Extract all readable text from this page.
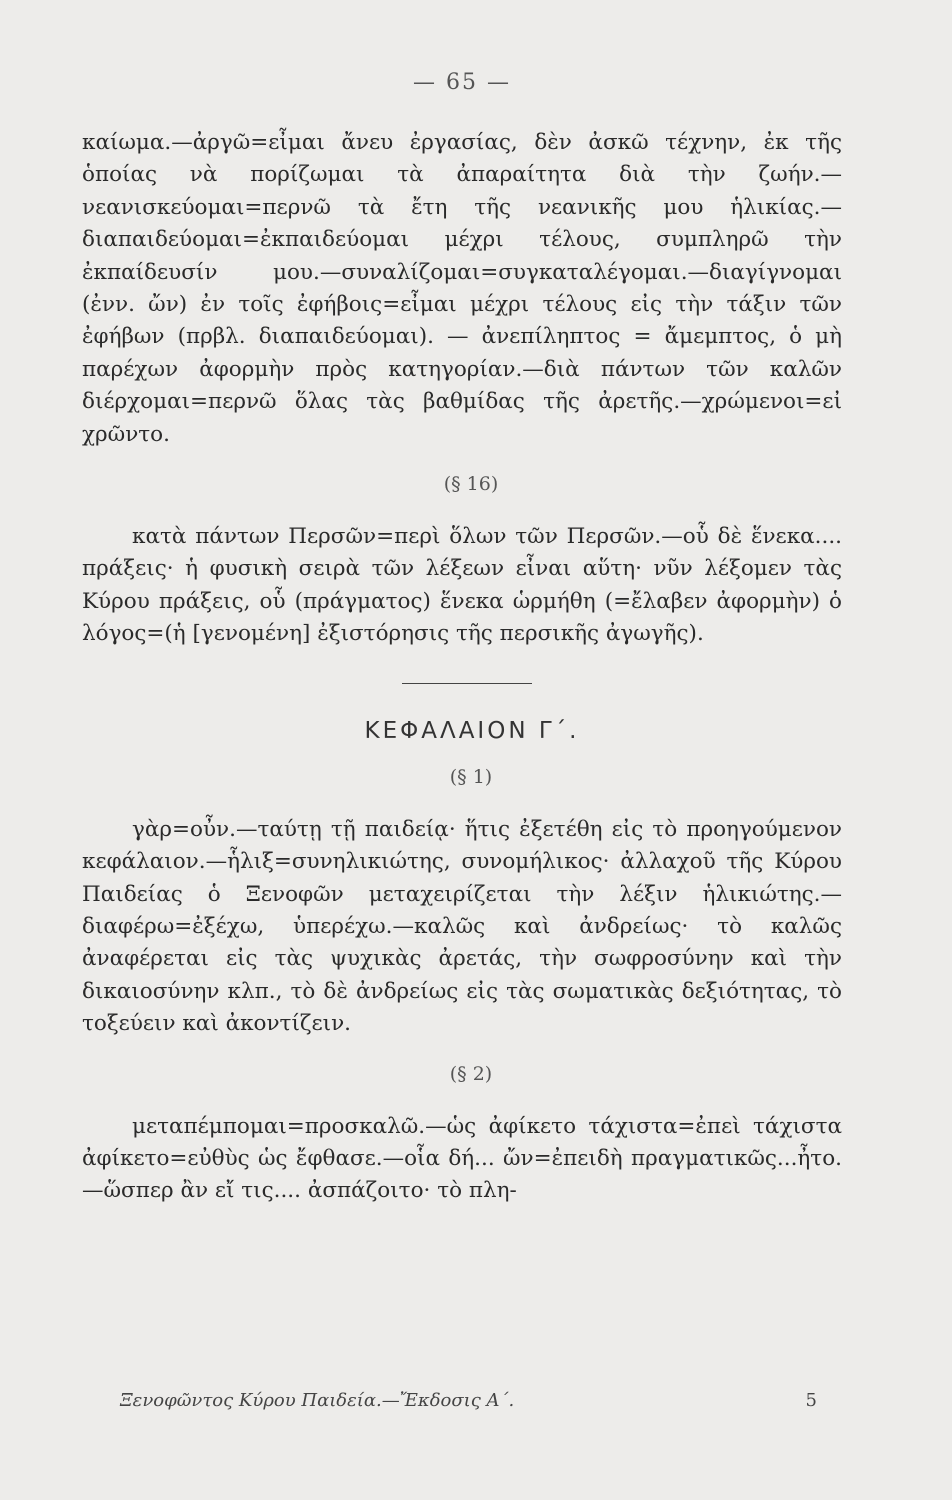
— 65 —

καίωμα.—ἀργῶ=εἶμαι ἄνευ ἐργασίας, δὲν ἀσκῶ τέχνην, ἐκ τῆς ὁποίας νὰ πορίζωμαι τὰ ἀπαραίτητα διὰ τὴν ζωήν.—νεανισκεύομαι=περνῶ τὰ ἔτη τῆς νεανικῆς μου ἡλικίας.—διαπαιδεύομαι=ἐκπαιδεύομαι μέχρι τέλους, συμπληρῶ τὴν ἐκπαίδευσίν μου.—συναλίζομαι=συγκαταλέγομαι.—διαγίγνομαι (ἐνν. ὤν) ἐν τοῖς ἐφήβοις=εἶμαι μέχρι τέλους εἰς τὴν τάξιν τῶν ἐφήβων (πρβλ. διαπαιδεύομαι). — ἀνεπίληπτος = ἄμεμπτος, ὁ μὴ παρέχων ἀφορμὴν πρὸς κατηγορίαν.—διὰ πάντων τῶν καλῶν διέρχομαι=περνῶ ὅλας τὰς βαθμίδας τῆς ἀρετῆς.—χρώμενοι=εἰ χρῶντο.

(§ 16)

κατὰ πάντων Περσῶν=περὶ ὅλων τῶν Περσῶν.—οὗ δὲ ἕνεκα.... πράξεις· ἡ φυσικὴ σειρὰ τῶν λέξεων εἶναι αὕτη· νῦν λέξομεν τὰς Κύρου πράξεις, οὗ (πράγματος) ἕνεκα ὡρμήθη (=ἔλαβεν ἀφορμὴν) ὁ λόγος=(ἡ [γενομένη] ἐξιστόρησις τῆς περσικῆς ἀγωγῆς).

ΚΕΦΑΛΑΙΟΝ Γ΄.
(§ 1)

γὰρ=οὖν.—ταύτῃ τῇ παιδείᾳ· ἥτις ἐξετέθη εἰς τὸ προηγούμενον κεφάλαιον.—ἧλιξ=συνηλικιώτης, συνομήλικος· ἀλλαχοῦ τῆς Κύρου Παιδείας ὁ Ξενοφῶν μεταχειρίζεται τὴν λέξιν ἡλικιώτης.—διαφέρω=ἐξέχω, ὑπερέχω.—καλῶς καὶ ἀνδρείως· τὸ καλῶς ἀναφέρεται εἰς τὰς ψυχικὰς ἀρετάς, τὴν σωφροσύνην καὶ τὴν δικαιοσύνην κλπ., τὸ δὲ ἀνδρείως εἰς τὰς σωματικὰς δεξιότητας, τὸ τοξεύειν καὶ ἀκοντίζειν.

(§ 2)

μεταπέμπομαι=προσκαλῶ.—ὡς ἀφίκετο τάχιστα=ἐπεὶ τάχιστα ἀφίκετο=εὐθὺς ὡς ἔφθασε.—οἷα δή... ὤν=ἐπειδὴ πραγματικῶς...ἦτο.—ὥσπερ ἂν εἴ τις.... ἀσπάζοιτο· τὸ πλη-

Ξενοφῶντος Κύρου Παιδεία.—Ἔκδοσις Α΄.	5
